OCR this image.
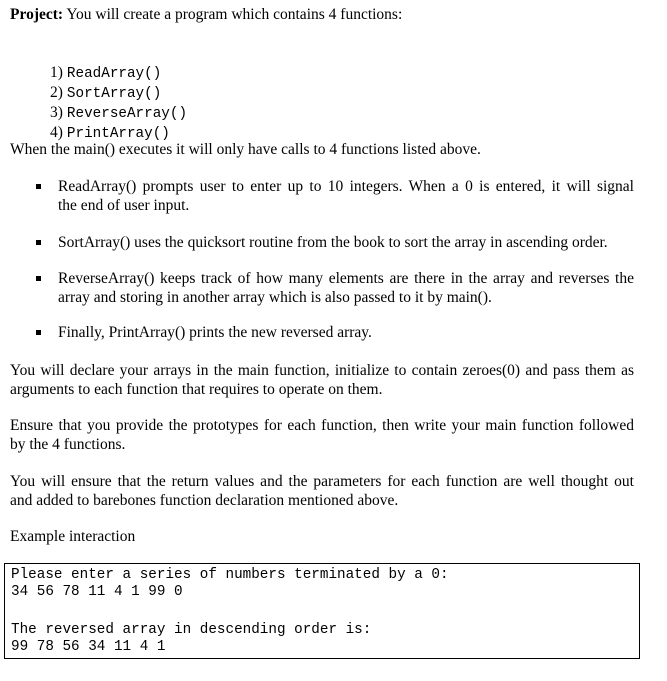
Project: You will create a program which contains 4 functions:

1) ReadArray()

2) SortArray()

3) ReverseArray()

4) PrintArray()

When the main() executes it will only have calls to 4 functions listed above.
ReadArray() prompts user to enter up to 10 integers. When a 0 is entered, it will signal
the end of user input.
SortArray() uses the quicksort routine from the book to sort the array in ascending order.
ReverseArray() keeps track of how many elements are there in the array and reverses the
array and storing in another array which is also passed to it by main().
Finally, PrintArray() prints the new reversed array.
You will declare your arrays in the main function, initialize to contain zeroes(0) and pass them as
arguments to each function that requires to operate on them.
Ensure that you provide the prototypes for each function, then write your main function followed
by the 4 functions.
You will ensure that the return values and the parameters for each function are well thought out
and added to barebones function declaration mentioned above.
Example interaction
Please enter a series of numbers terminated by a 0:
34 56 78 11 4 1 99 0
The reversed array in descending order is:
99 78 56 34 11 4 1
